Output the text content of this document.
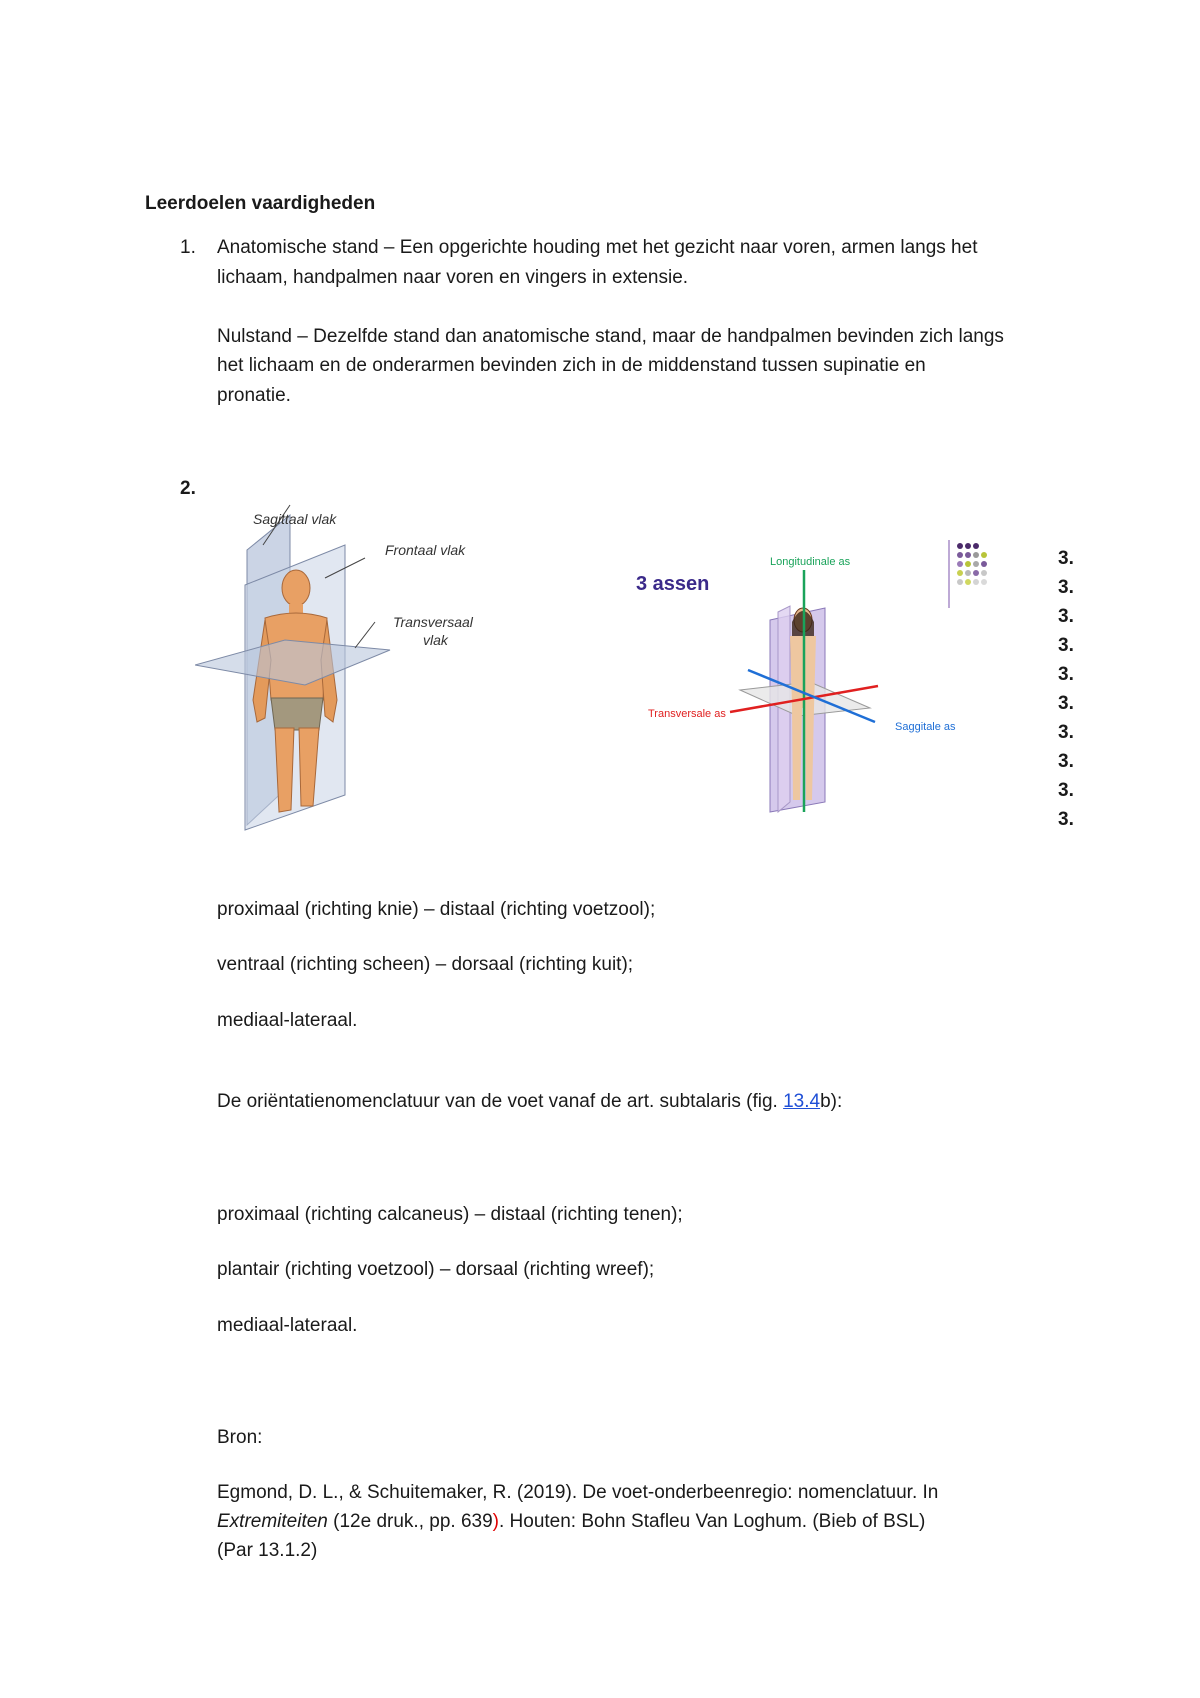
Leerdoelen vaardigheden
1. Anatomische stand – Een opgerichte houding met het gezicht naar voren, armen langs het
lichaam, handpalmen naar voren en vingers in extensie.
Nulstand – Dezelfde stand dan anatomische stand, maar de handpalmen bevinden zich langs
het lichaam en de onderarmen bevinden zich in de middenstand tussen supinatie en
pronatie.
2.
Sagittaal vlak
Frontaal vlak
Transversaal
vlak
3 assen
Longitudinale as
Transversale as
Saggitale as
3.
3.
3.
3.
3.
3.
3.
3.
3.
3.
proximaal (richting knie) – distaal (richting voetzool);
ventraal (richting scheen) – dorsaal (richting kuit);
mediaal-lateraal.
De oriëntatienomenclatuur van de voet vanaf de art. subtalaris (fig. 13.4b):
proximaal (richting calcaneus) – distaal (richting tenen);
plantair (richting voetzool) – dorsaal (richting wreef);
mediaal-lateraal.
Bron:
Egmond, D. L., & Schuitemaker, R. (2019). De voet-onderbeenregio: nomenclatuur. In
Extremiteiten (12e druk., pp. 639). Houten: Bohn Stafleu Van Loghum. (Bieb of BSL)
(Par 13.1.2)
